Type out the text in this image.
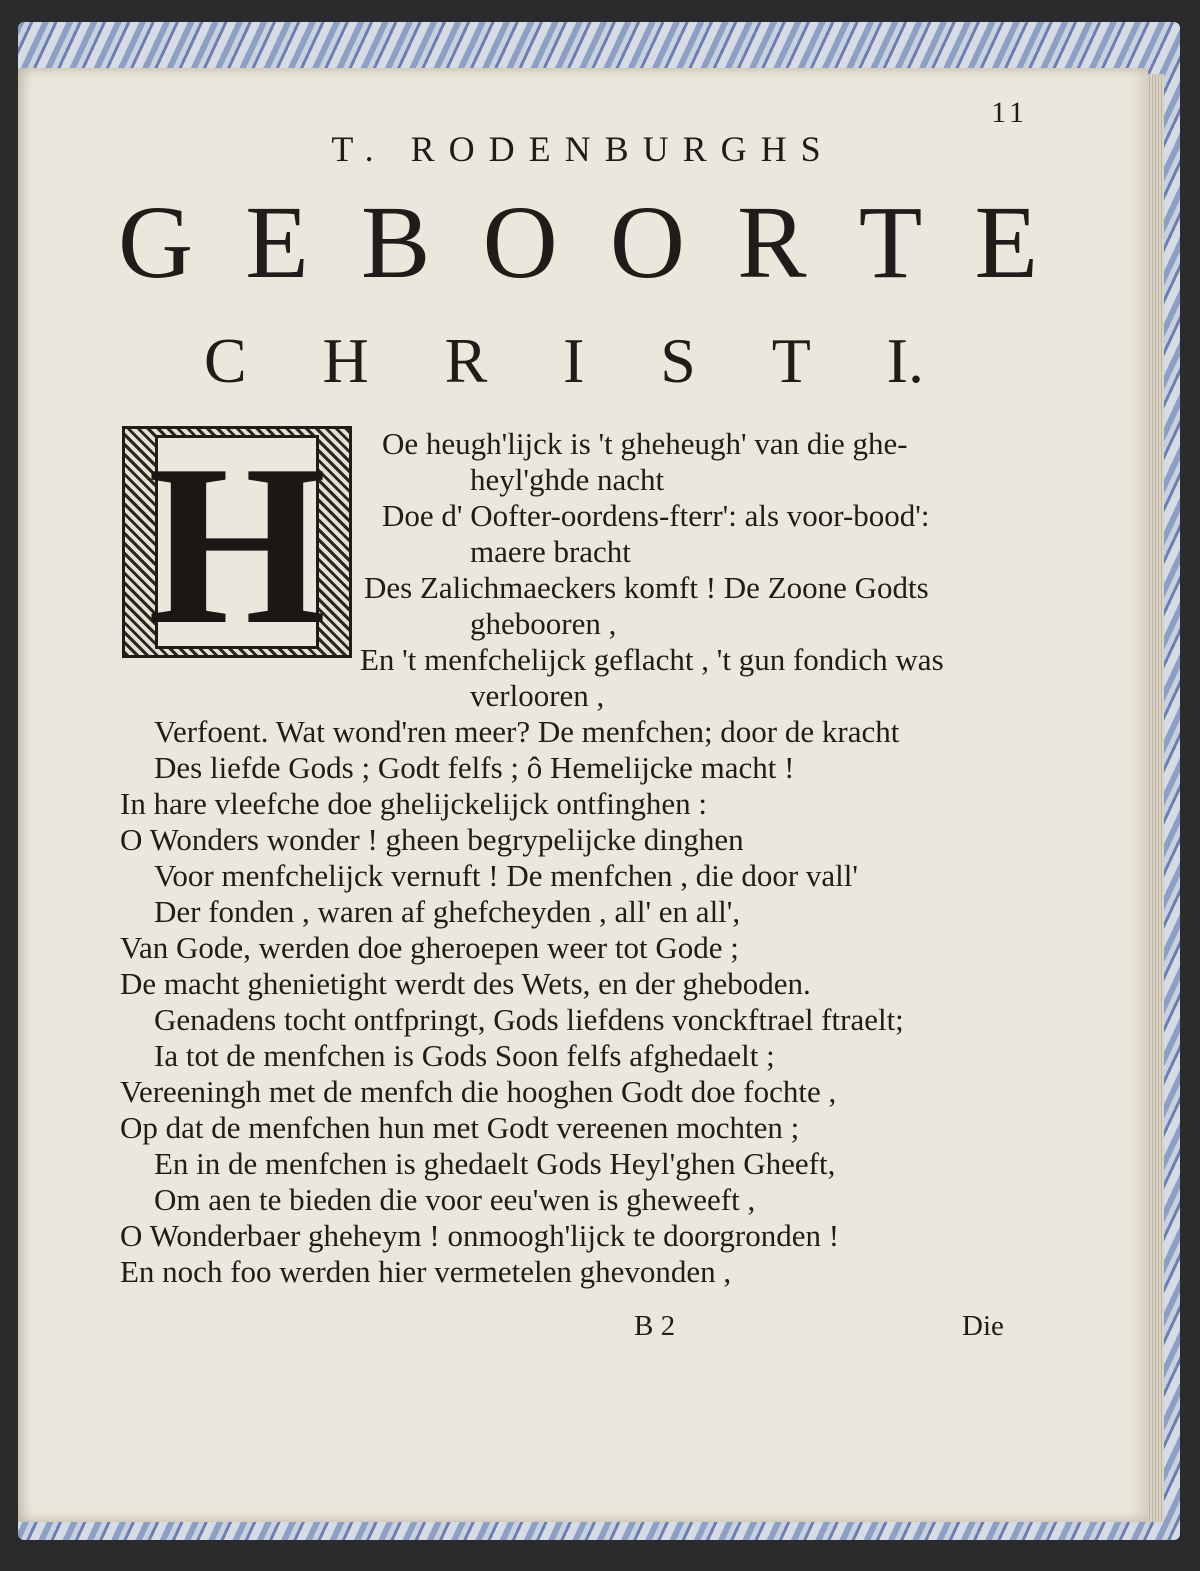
11
T. RODENBURGHS
G E B O O R T E
C H R I S T I.
H Oe heugh'lijck is 't gheheugh' van die ghe-
heyl'ghde nacht
Doe d' Oofter-oordens-fterr': als voor-bood':
maere bracht
Des Zalichmaeckers komft ! De Zoone Godts
ghebooren ,
En 't menfchelijck geflacht , 't gun fondich was
verlooren ,
Verfoent. Wat wond'ren meer? De menfchen; door de kracht
Des liefde Gods ; Godt felfs ; ô Hemelijcke macht !
In hare vleefche doe ghelijckelijck ontfinghen :
O Wonders wonder ! gheen begrypelijcke dinghen
Voor menfchelijck vernuft ! De menfchen , die door vall'
Der fonden , waren af ghefcheyden , all' en all',
Van Gode, werden doe gheroepen weer tot Gode ;
De macht ghenietight werdt des Wets, en der gheboden.
Genadens tocht ontfpringt, Gods liefdens vonckftrael ftraelt;
Ia tot de menfchen is Gods Soon felfs afghedaelt ;
Vereeningh met de menfch die hooghen Godt doe fochte ,
Op dat de menfchen hun met Godt vereenen mochten ;
En in de menfchen is ghedaelt Gods Heyl'ghen Gheeft,
Om aen te bieden die voor eeu'wen is gheweeft ,
O Wonderbaer gheheym ! onmoogh'lijck te doorgronden !
En noch foo werden hier vermetelen ghevonden ,
B 2	Die
